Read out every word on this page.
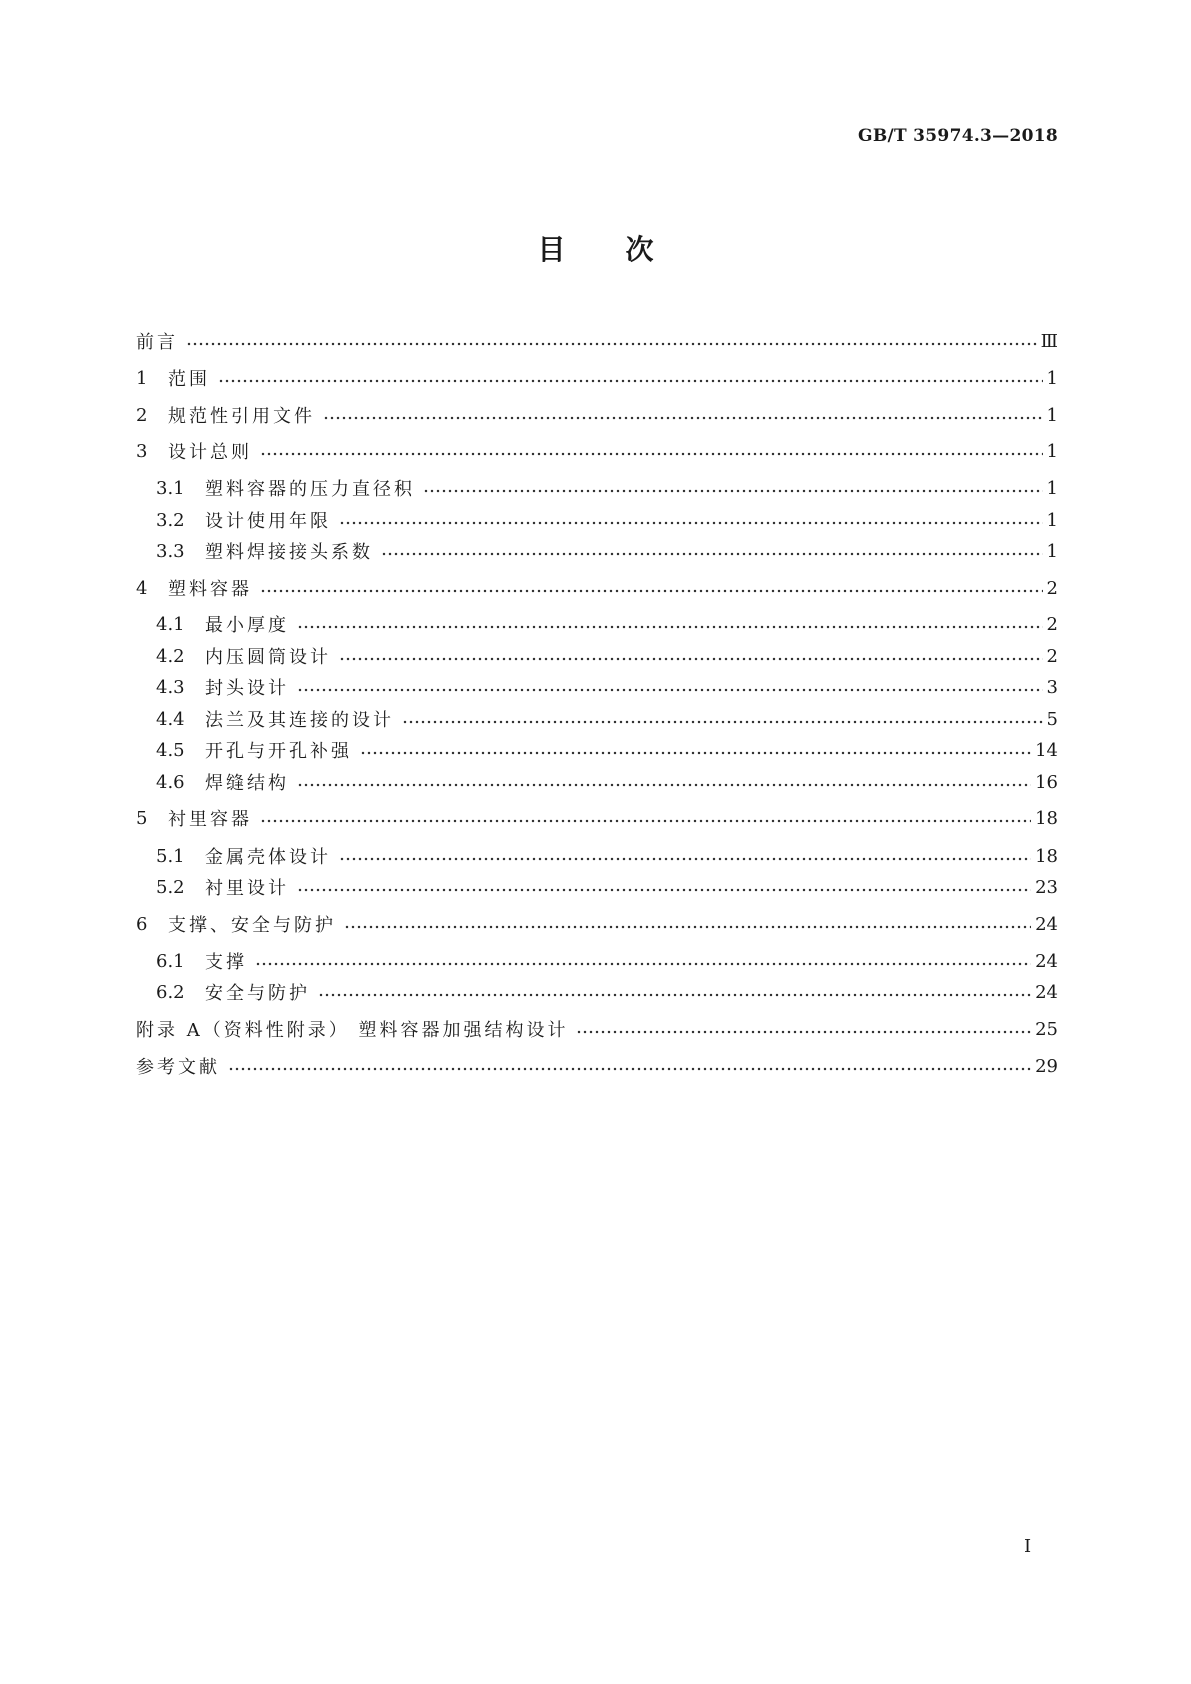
GB/T 35974.3—2018
目 次
前言	Ⅲ
1	范围	1
2	规范性引用文件	1
3	设计总则	1
3.1	塑料容器的压力直径积	1
3.2	设计使用年限	1
3.3	塑料焊接接头系数	1
4	塑料容器	2
4.1	最小厚度	2
4.2	内压圆筒设计	2
4.3	封头设计	3
4.4	法兰及其连接的设计	5
4.5	开孔与开孔补强	14
4.6	焊缝结构	16
5	衬里容器	18
5.1	金属壳体设计	18
5.2	衬里设计	23
6	支撑、安全与防护	24
6.1	支撑	24
6.2	安全与防护	24
附录 A（资料性附录） 塑料容器加强结构设计	25
参考文献	29
I
